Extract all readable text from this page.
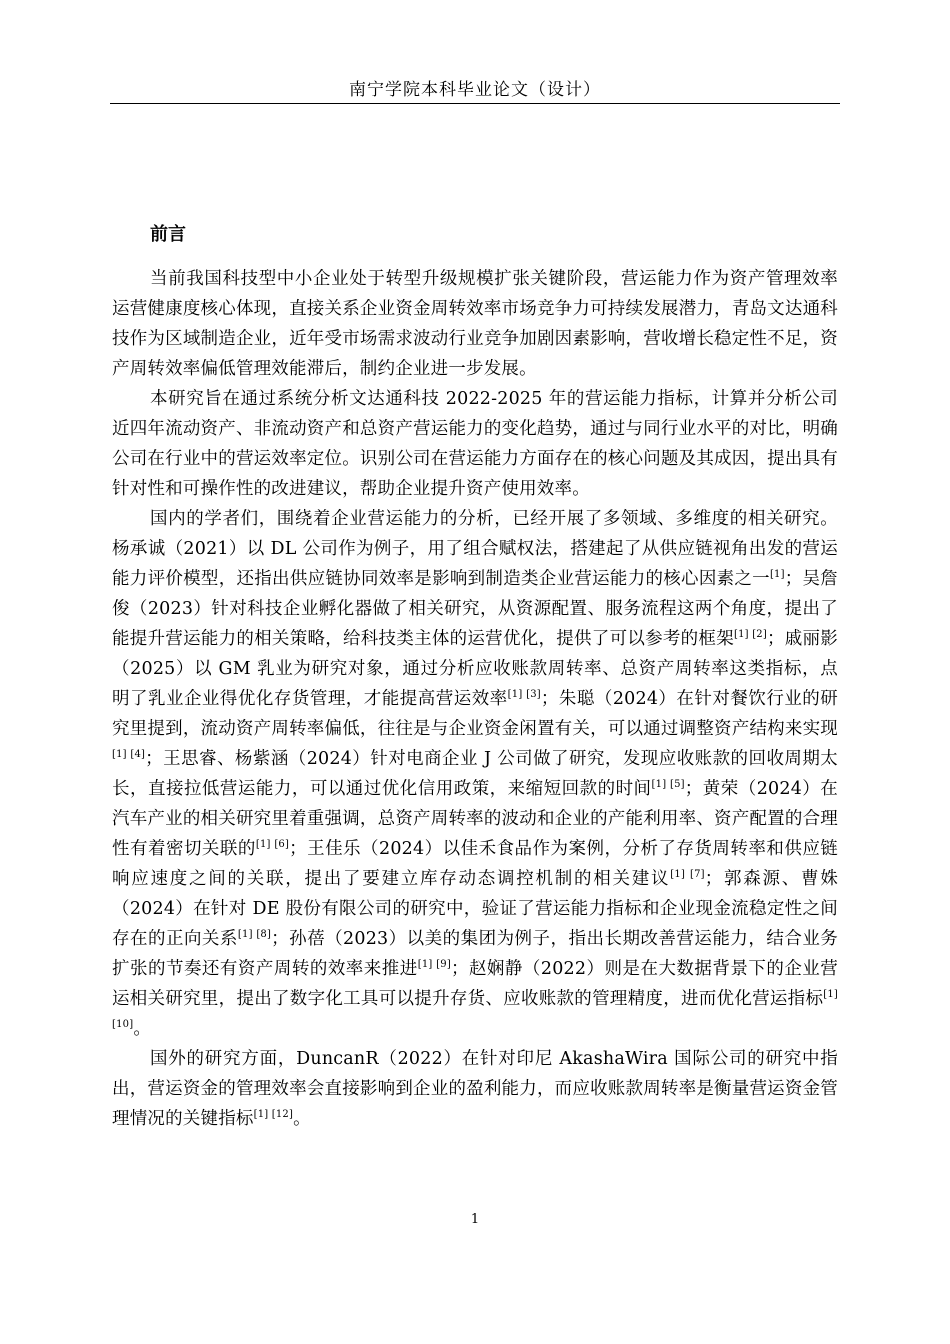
南宁学院本科毕业论文（设计）
前言

当前我国科技型中小企业处于转型升级规模扩张关键阶段，营运能力作为资产管理效率运营健康度核心体现，直接关系企业资金周转效率市场竞争力可持续发展潜力，青岛文达通科技作为区域制造企业，近年受市场需求波动行业竞争加剧因素影响，营收增长稳定性不足，资产周转效率偏低管理效能滞后，制约企业进一步发展。

本研究旨在通过系统分析文达通科技 2022-2025 年的营运能力指标，计算并分析公司近四年流动资产、非流动资产和总资产营运能力的变化趋势，通过与同行业水平的对比，明确公司在行业中的营运效率定位。识别公司在营运能力方面存在的核心问题及其成因，提出具有针对性和可操作性的改进建议，帮助企业提升资产使用效率。

国内的学者们，围绕着企业营运能力的分析，已经开展了多领域、多维度的相关研究。杨承诚（2021）以 DL 公司作为例子，用了组合赋权法，搭建起了从供应链视角出发的营运能力评价模型，还指出供应链协同效率是影响到制造类企业营运能力的核心因素之一[1]；吴詹俊（2023）针对科技企业孵化器做了相关研究，从资源配置、服务流程这两个角度，提出了能提升营运能力的相关策略，给科技类主体的运营优化，提供了可以参考的框架[1] [2]；戚丽影（2025）以 GM 乳业为研究对象，通过分析应收账款周转率、总资产周转率这类指标，点明了乳业企业得优化存货管理，才能提高营运效率[1] [3]；朱聪（2024）在针对餐饮行业的研究里提到，流动资产周转率偏低，往往是与企业资金闲置有关，可以通过调整资产结构来实现[1] [4]；王思睿、杨紫涵（2024）针对电商企业 J 公司做了研究，发现应收账款的回收周期太长，直接拉低营运能力，可以通过优化信用政策，来缩短回款的时间[1] [5]；黄荣（2024）在汽车产业的相关研究里着重强调，总资产周转率的波动和企业的产能利用率、资产配置的合理性有着密切关联的[1] [6]；王佳乐（2024）以佳禾食品作为案例，分析了存货周转率和供应链响应速度之间的关联，提出了要建立库存动态调控机制的相关建议[1] [7]；郭森源、曹姝（2024）在针对 DE 股份有限公司的研究中，验证了营运能力指标和企业现金流稳定性之间存在的正向关系[1] [8]；孙蓓（2023）以美的集团为例子，指出长期改善营运能力，结合业务扩张的节奏还有资产周转的效率来推进[1] [9]；赵娴静（2022）则是在大数据背景下的企业营运相关研究里，提出了数字化工具可以提升存货、应收账款的管理精度，进而优化营运指标[1] [10]。

国外的研究方面，DuncanR（2022）在针对印尼 AkashaWira 国际公司的研究中指出，营运资金的管理效率会直接影响到企业的盈利能力，而应收账款周转率是衡量营运资金管理情况的关键指标[1] [12]。

1
